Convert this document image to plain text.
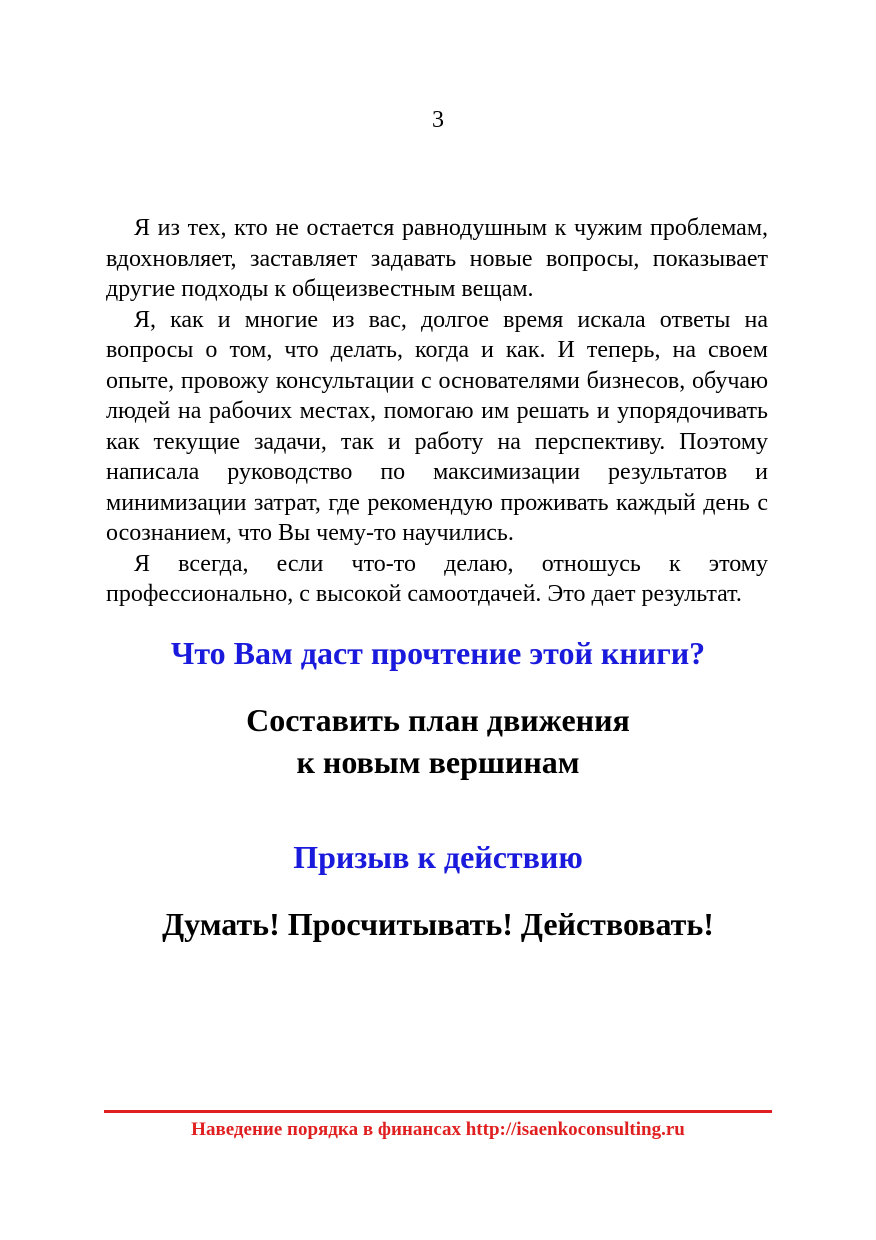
3

Я из тех, кто не остается равнодушным к чужим проблемам, вдохновляет, заставляет задавать новые вопросы, показывает другие подходы к общеизвестным вещам.

Я, как и многие из вас, долгое время искала ответы на вопросы о том, что делать, когда и как. И теперь, на своем опыте, провожу консультации с основателями бизнесов, обучаю людей на рабочих местах, помогаю им решать и упорядочивать как текущие задачи, так и работу на перспективу. Поэтому написала руководство по максимизации результатов и минимизации затрат, где рекомендую проживать каждый день с осознанием, что Вы чему-то научились.

Я всегда, если что-то делаю, отношусь к этому профессионально, с высокой самоотдачей. Это дает результат.

Что Вам даст прочтение этой книги?
Составить план движения
к новым вершинам
Призыв к действию
Думать! Просчитывать! Действовать!
Наведение порядка в финансах http://isaenkoconsulting.ru
